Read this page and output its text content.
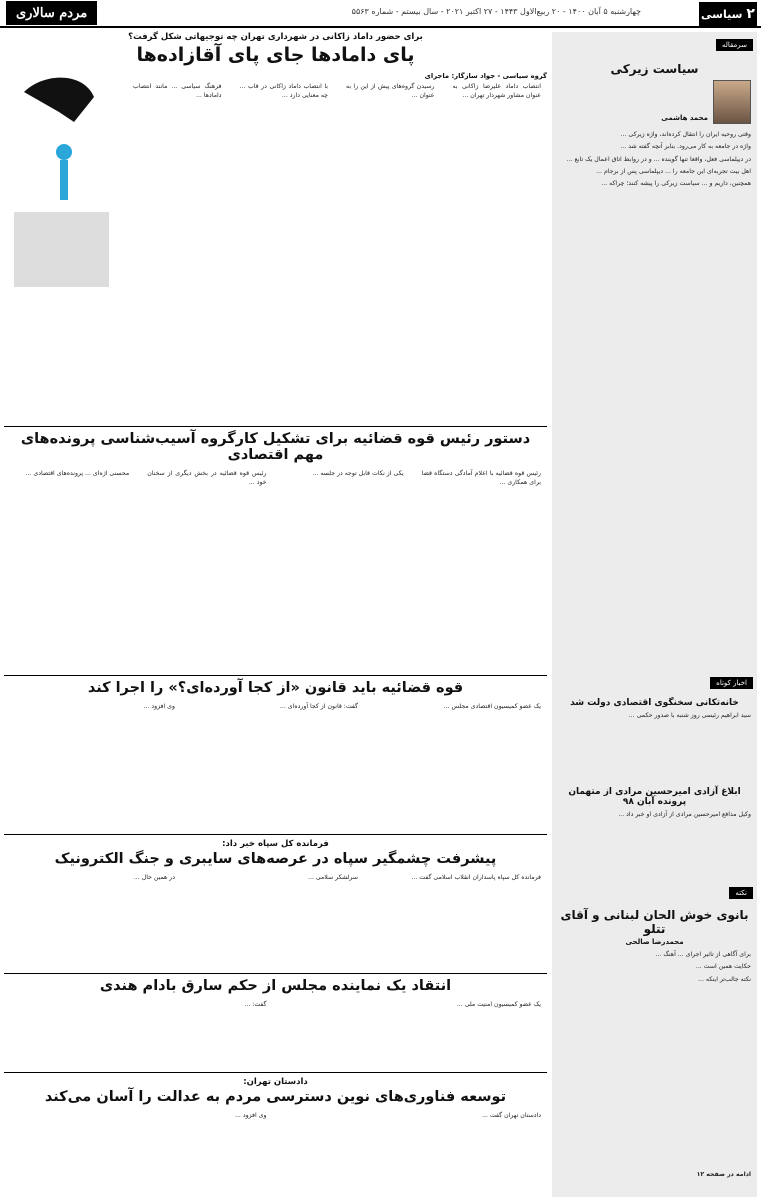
۲
سیاسی
چهارشنبه ۵ آبان ۱۴۰۰ - ۲۰ ربیع‌الاول ۱۴۴۳ - ۲۷ اکتبر ۲۰۲۱ - سال بیستم - شماره ۵۵۶۳
مردم سالاری
سرمقاله
سیاست زیرکی
محمد هاشمی
وقتی روحیه ایران را انتقال کرده‌اند، واژه زیرکی ...
واژه در جامعه به کار می‌رود. بنابر آنچه گفته شد ...
در دیپلماسی فعل، واقعا تنها گوینده ... و در روابط اتاق اعمال یک تابع ...
اهل بیت تجربه‌ای این جامعه را ... دیپلماسی پس از برجام ...
همچنین، داریم و ... سیاست زیرکی را پیشه کنند؛ چراکه ...
اخبار کوتاه
خانه‌تکانی سخنگوی اقتصادی دولت شد
سید ابراهیم رئیسی روز شنبه با صدور حکمی ...
ابلاغ آزادی امیرحسین مرادی از متهمان پرونده آبان ۹۸
وکیل مدافع امیرحسین مرادی از آزادی او خبر داد ...
نکته
بانوی خوش الحان لبنانی و آقای تتلو
محمدرضا صالحی
برای آگاهی از تاثیر اجرای ... آهنگ ...
حکایت همین است ...
نکته جالب‌تر اینکه ...
ادامه در صفحه ۱۲
برای حضور داماد زاکانی در شهرداری تهران چه توجیهاتی شکل گرفت؟
پای دامادها جای پای آقازاده‌ها
گروه سیاسی - جواد سازگار: ماجرای
انتصاب داماد علیرضا زاکانی به عنوان مشاور شهردار تهران ...
رسیدن گروه‌های پیش از این را به عنوان ...
با انتصاب داماد زاکانی در قاب ... چه معنایی دارد ...
فرهنگ سیاسی ... مانند انتصاب دامادها ...
دستور رئیس قوه قضائیه برای تشکیل کارگروه آسیب‌شناسی پرونده‌های مهم اقتصادی
رئیس قوه قضائیه با اعلام آمادگی دستگاه قضا برای همکاری ...
یکی از نکات قابل توجه در جلسه ...
رئیس قوه قضائیه در بخش دیگری از سخنان خود ...
محسنی اژه‌ای ... پرونده‌های اقتصادی ...
قوه قضائیه باید قانون «از کجا آورده‌ای؟» را اجرا کند
یک عضو کمیسیون اقتصادی مجلس ...
گفت: قانون از کجا آورده‌ای ...
وی افزود ...
فرمانده کل سپاه خبر داد:
پیشرفت چشمگیر سپاه در عرصه‌های سایبری و جنگ الکترونیک
فرمانده کل سپاه پاسداران انقلاب اسلامی گفت ...
سرلشکر سلامی ...
در همین حال ...
انتقاد یک نماینده مجلس از حکم سارق بادام هندی
یک عضو کمیسیون امنیت ملی ...
گفت: ...
دادستان تهران:
توسعه فناوری‌های نوین دسترسی مردم به عدالت را آسان می‌کند
دادستان تهران گفت ...
وی افزود ...
